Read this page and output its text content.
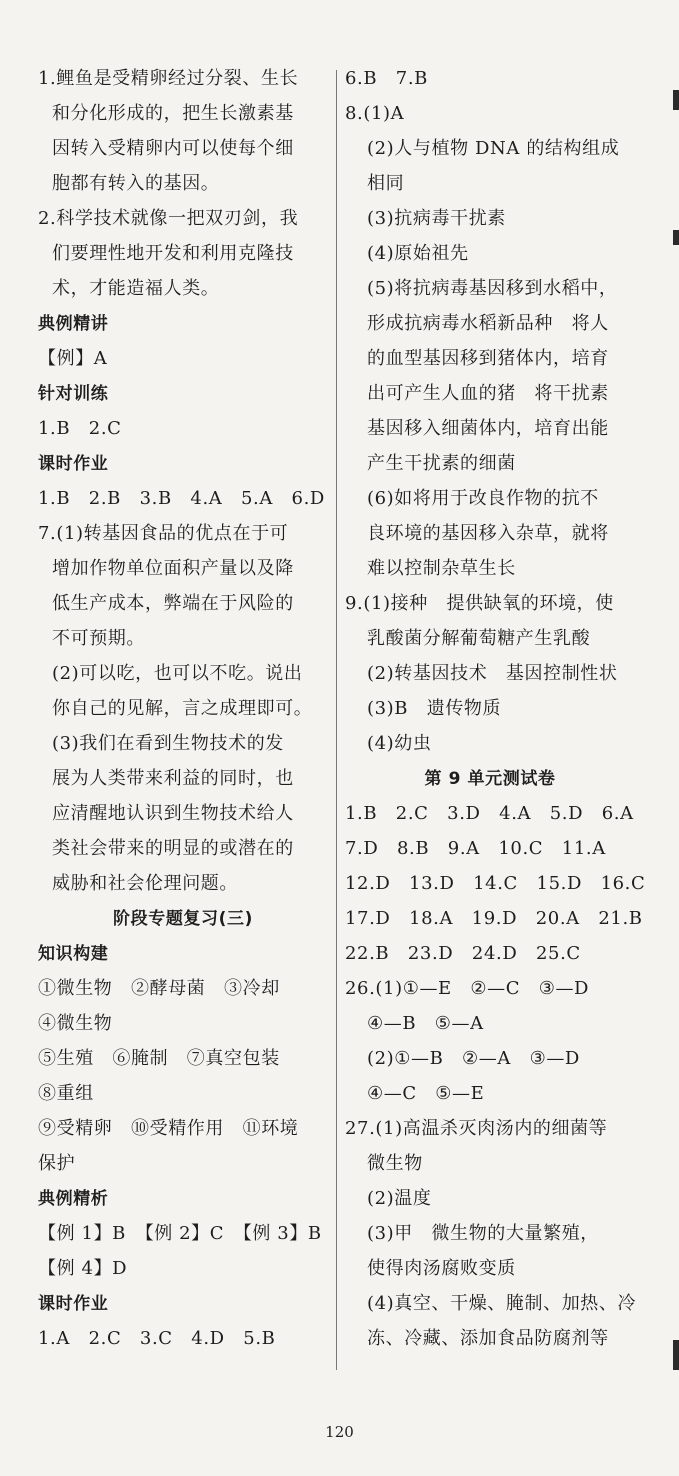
1.鲤鱼是受精卵经过分裂、生长
和分化形成的，把生长激素基
因转入受精卵内可以使每个细
胞都有转入的基因。
2.科学技术就像一把双刃剑，我
们要理性地开发和利用克隆技
术，才能造福人类。
典例精讲
【例】A
针对训练
1.B　2.C
课时作业
1.B　2.B　3.B　4.A　5.A　6.D
7.(1)转基因食品的优点在于可
增加作物单位面积产量以及降
低生产成本，弊端在于风险的
不可预期。
(2)可以吃，也可以不吃。说出
你自己的见解，言之成理即可。
(3)我们在看到生物技术的发
展为人类带来利益的同时，也
应清醒地认识到生物技术给人
类社会带来的明显的或潜在的
威胁和社会伦理问题。
阶段专题复习(三)
知识构建
①微生物　②酵母菌　③冷却
④微生物
⑤生殖　⑥腌制　⑦真空包装
⑧重组
⑨受精卵　⑩受精作用　⑪环境
保护
典例精析
【例 1】B　【例 2】C　【例 3】B
【例 4】D
课时作业
1.A　2.C　3.C　4.D　5.B
6.B　7.B
8.(1)A
(2)人与植物 DNA 的结构组成
相同
(3)抗病毒干扰素
(4)原始祖先
(5)将抗病毒基因移到水稻中，
形成抗病毒水稻新品种　将人
的血型基因移到猪体内，培育
出可产生人血的猪　将干扰素
基因移入细菌体内，培育出能
产生干扰素的细菌
(6)如将用于改良作物的抗不
良环境的基因移入杂草，就将
难以控制杂草生长
9.(1)接种　提供缺氧的环境，使
乳酸菌分解葡萄糖产生乳酸
(2)转基因技术　基因控制性状
(3)B　遗传物质
(4)幼虫
第 9 单元测试卷
1.B　2.C　3.D　4.A　5.D　6.A
7.D　8.B　9.A　10.C　11.A
12.D　13.D　14.C　15.D　16.C
17.D　18.A　19.D　20.A　21.B
22.B　23.D　24.D　25.C
26.(1)①—E　②—C　③—D
④—B　⑤—A
(2)①—B　②—A　③—D
④—C　⑤—E
27.(1)高温杀灭肉汤内的细菌等
微生物
(2)温度
(3)甲　微生物的大量繁殖，
使得肉汤腐败变质
(4)真空、干燥、腌制、加热、冷
冻、冷藏、添加食品防腐剂等
120
